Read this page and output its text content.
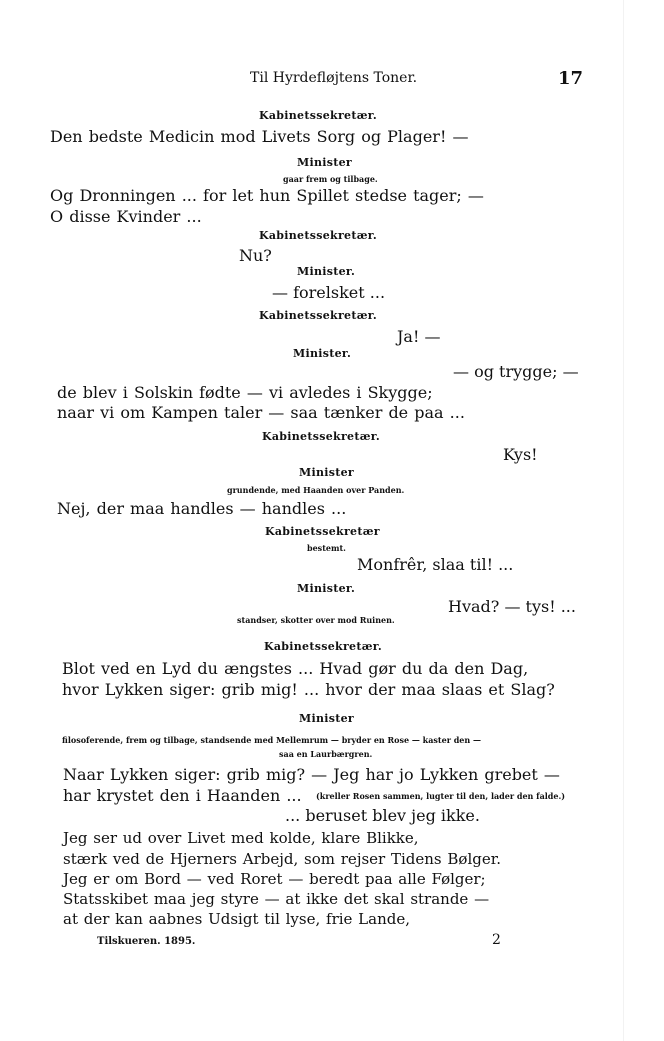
Til Hyrdefløjtens Toner.	17
Kabinetssekretær.
Den bedste Medicin mod Livets Sorg og Plager! —
Minister
gaar frem og tilbage.
Og Dronningen ... for let hun Spillet stedse tager; —
O disse Kvinder ...
Kabinetssekretær.
Nu?
Minister.
— forelsket ...
Kabinetssekretær.
Ja! —
Minister.
— og trygge; —
de blev i Solskin fødte — vi avledes i Skygge;
naar vi om Kampen taler — saa tænker de paa ...
Kabinetssekretær.
Kys!
Minister
grundende, med Haanden over Panden.
Nej, der maa handles — handles ...
Kabinetssekretær
bestemt.
Monfrêr, slaa til! ...
Minister.
Hvad? — tys! ...
standser, skotter over mod Ruinen.
Kabinetssekretær.
Blot ved en Lyd du ængstes ... Hvad gør du da den Dag,
hvor Lykken siger: grib mig! ... hvor der maa slaas et Slag?
Minister
filosoferende, frem og tilbage, standsende med Mellemrum — bryder en Rose — kaster den —
saa en Laurbærgren.
Naar Lykken siger: grib mig? — Jeg har jo Lykken grebet —
har krystet den i Haanden ... (kreller Rosen sammen, lugter til den, lader den falde.)
... beruset blev jeg ikke.
Jeg ser ud over Livet med kolde, klare Blikke,
stærk ved de Hjerners Arbejd, som rejser Tidens Bølger.
Jeg er om Bord — ved Roret — beredt paa alle Følger;
Statsskibet maa jeg styre — at ikke det skal strande —
at der kan aabnes Udsigt til lyse, frie Lande,
Tilskueren. 1895.	2
